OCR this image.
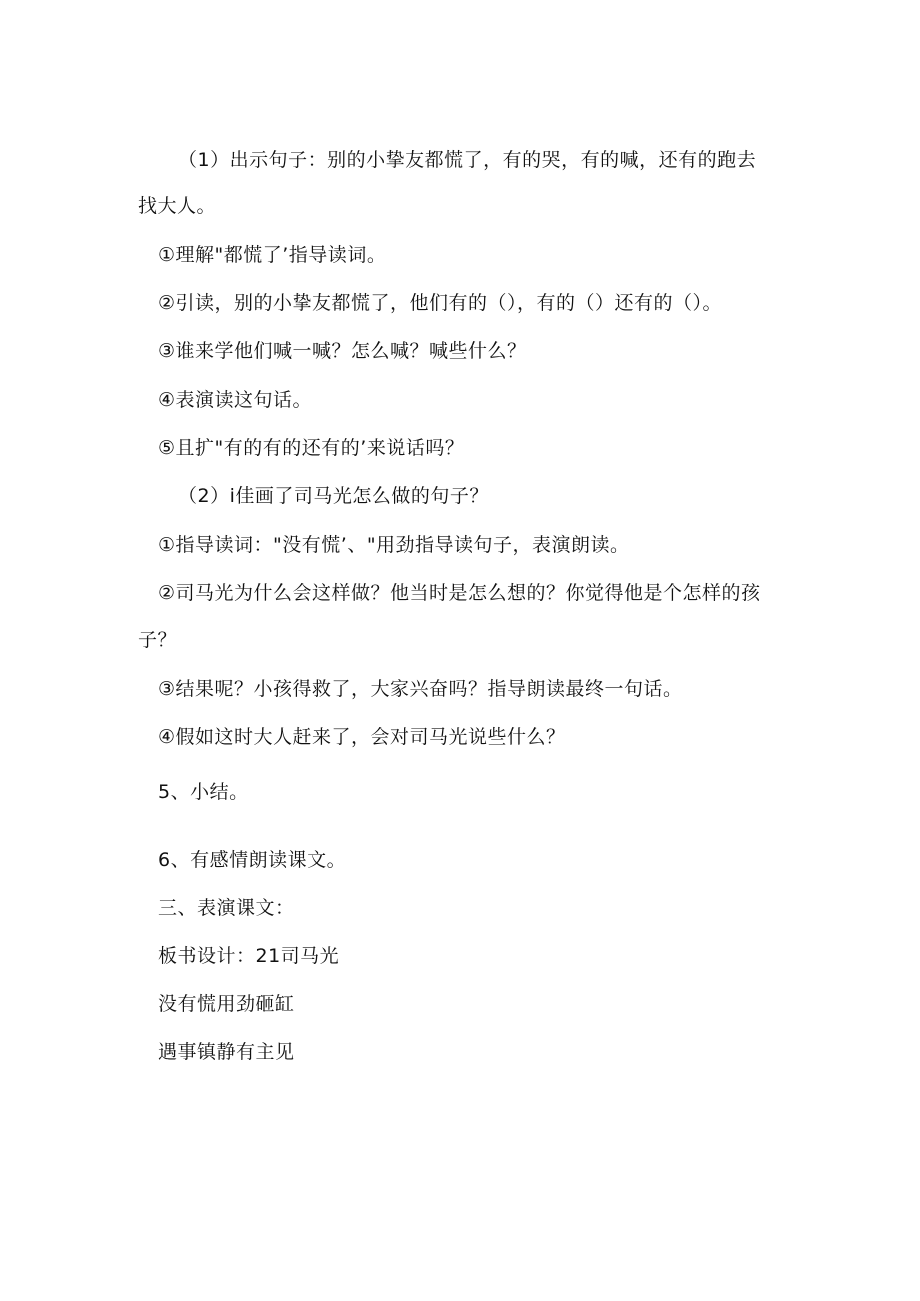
（1）出示句子：别的小挚友都慌了，有的哭，有的喊，还有的跑去
找大人。
①理解"都慌了’指导读词。
②引读，别的小挚友都慌了，他们有的（），有的（）还有的（）。
③谁来学他们喊一喊？怎么喊？喊些什么？
④表演读这句话。
⑤且扩"有的有的还有的’来说话吗？
（2）i佳画了司马光怎么做的句子？
①指导读词："没有慌’、"用劲指导读句子，表演朗读。
②司马光为什么会这样做？他当时是怎么想的？你觉得他是个怎样的孩
子？
③结果呢？小孩得救了，大家兴奋吗？指导朗读最终一句话。
④假如这时大人赶来了，会对司马光说些什么？
5、小结。
6、有感情朗读课文。
三、表演课文：
板书设计：21司马光
没有慌用劲砸缸
遇事镇静有主见
